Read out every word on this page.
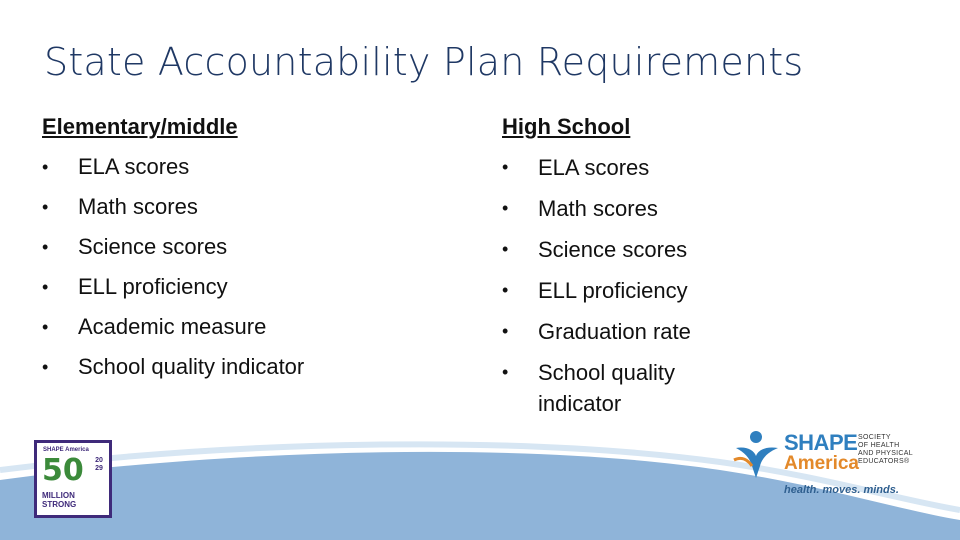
State Accountability Plan Requirements
Elementary/middle
• ELA scores
• Math scores
• Science scores
• ELL proficiency
• Academic measure
• School quality indicator
High School
• ELA scores
• Math scores
• Science scores
• ELL proficiency
• Graduation rate
• School quality indicator
SHAPE America
50 2029
MILLION
STRONG
SHAPE
America
SOCIETY
OF HEALTH
AND PHYSICAL
EDUCATORS®
health. moves. minds.
